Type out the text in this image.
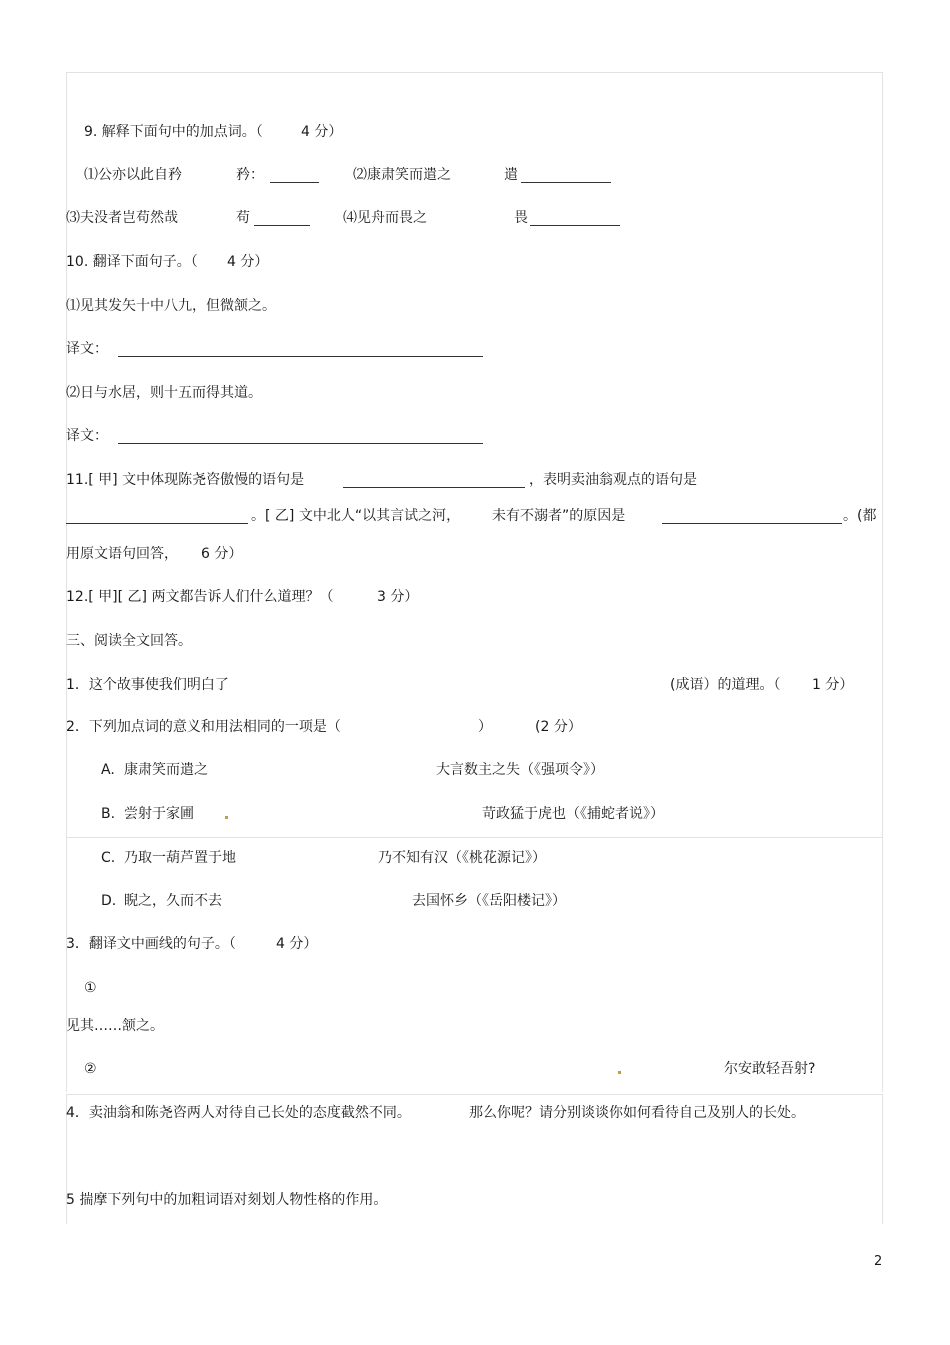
9. 解释下面句中的加点词。（	4 分）
⑴公亦以此自矜	矜：	⑵康肃笑而遣之	遣
⑶夫没者岂苟然哉	苟	⑷见舟而畏之	畏
10. 翻译下面句子。（ 4 分）
⑴见其发矢十中八九，但微颔之。
译文：
⑵日与水居，则十五而得其道。
译文：
11.[ 甲] 文中体现陈尧咨傲慢的语句是	，表明卖油翁观点的语句是
。[ 乙] 文中北人“以其言试之河， 未有不溺者”的原因是	。(都
用原文语句回答， 6 分）
12.[ 甲][ 乙] 两文都告诉人们什么道理？（	3 分）
三、阅读全文回答。
1．这个故事使我们明白了	(成语）的道理。（ 1 分）
2．下列加点词的意义和用法相同的一项是（	）	(2 分）
A. 康肃笑而遣之	大言数主之失（《强项令》）
B. 尝射于家圃	苛政猛于虎也（《捕蛇者说》）
C. 乃取一葫芦置于地	乃不知有汉（《桃花源记》）
D. 睨之，久而不去	去国怀乡（《岳阳楼记》）
3．翻译文中画线的句子。（	4 分）
①
见其……颔之。
②	尔安敢轻吾射?
4．卖油翁和陈尧咨两人对待自己长处的态度截然不同。	那么你呢？请分别谈谈你如何看待自己及别人的长处。
5 揣摩下列句中的加粗词语对刻划人物性格的作用。
2
